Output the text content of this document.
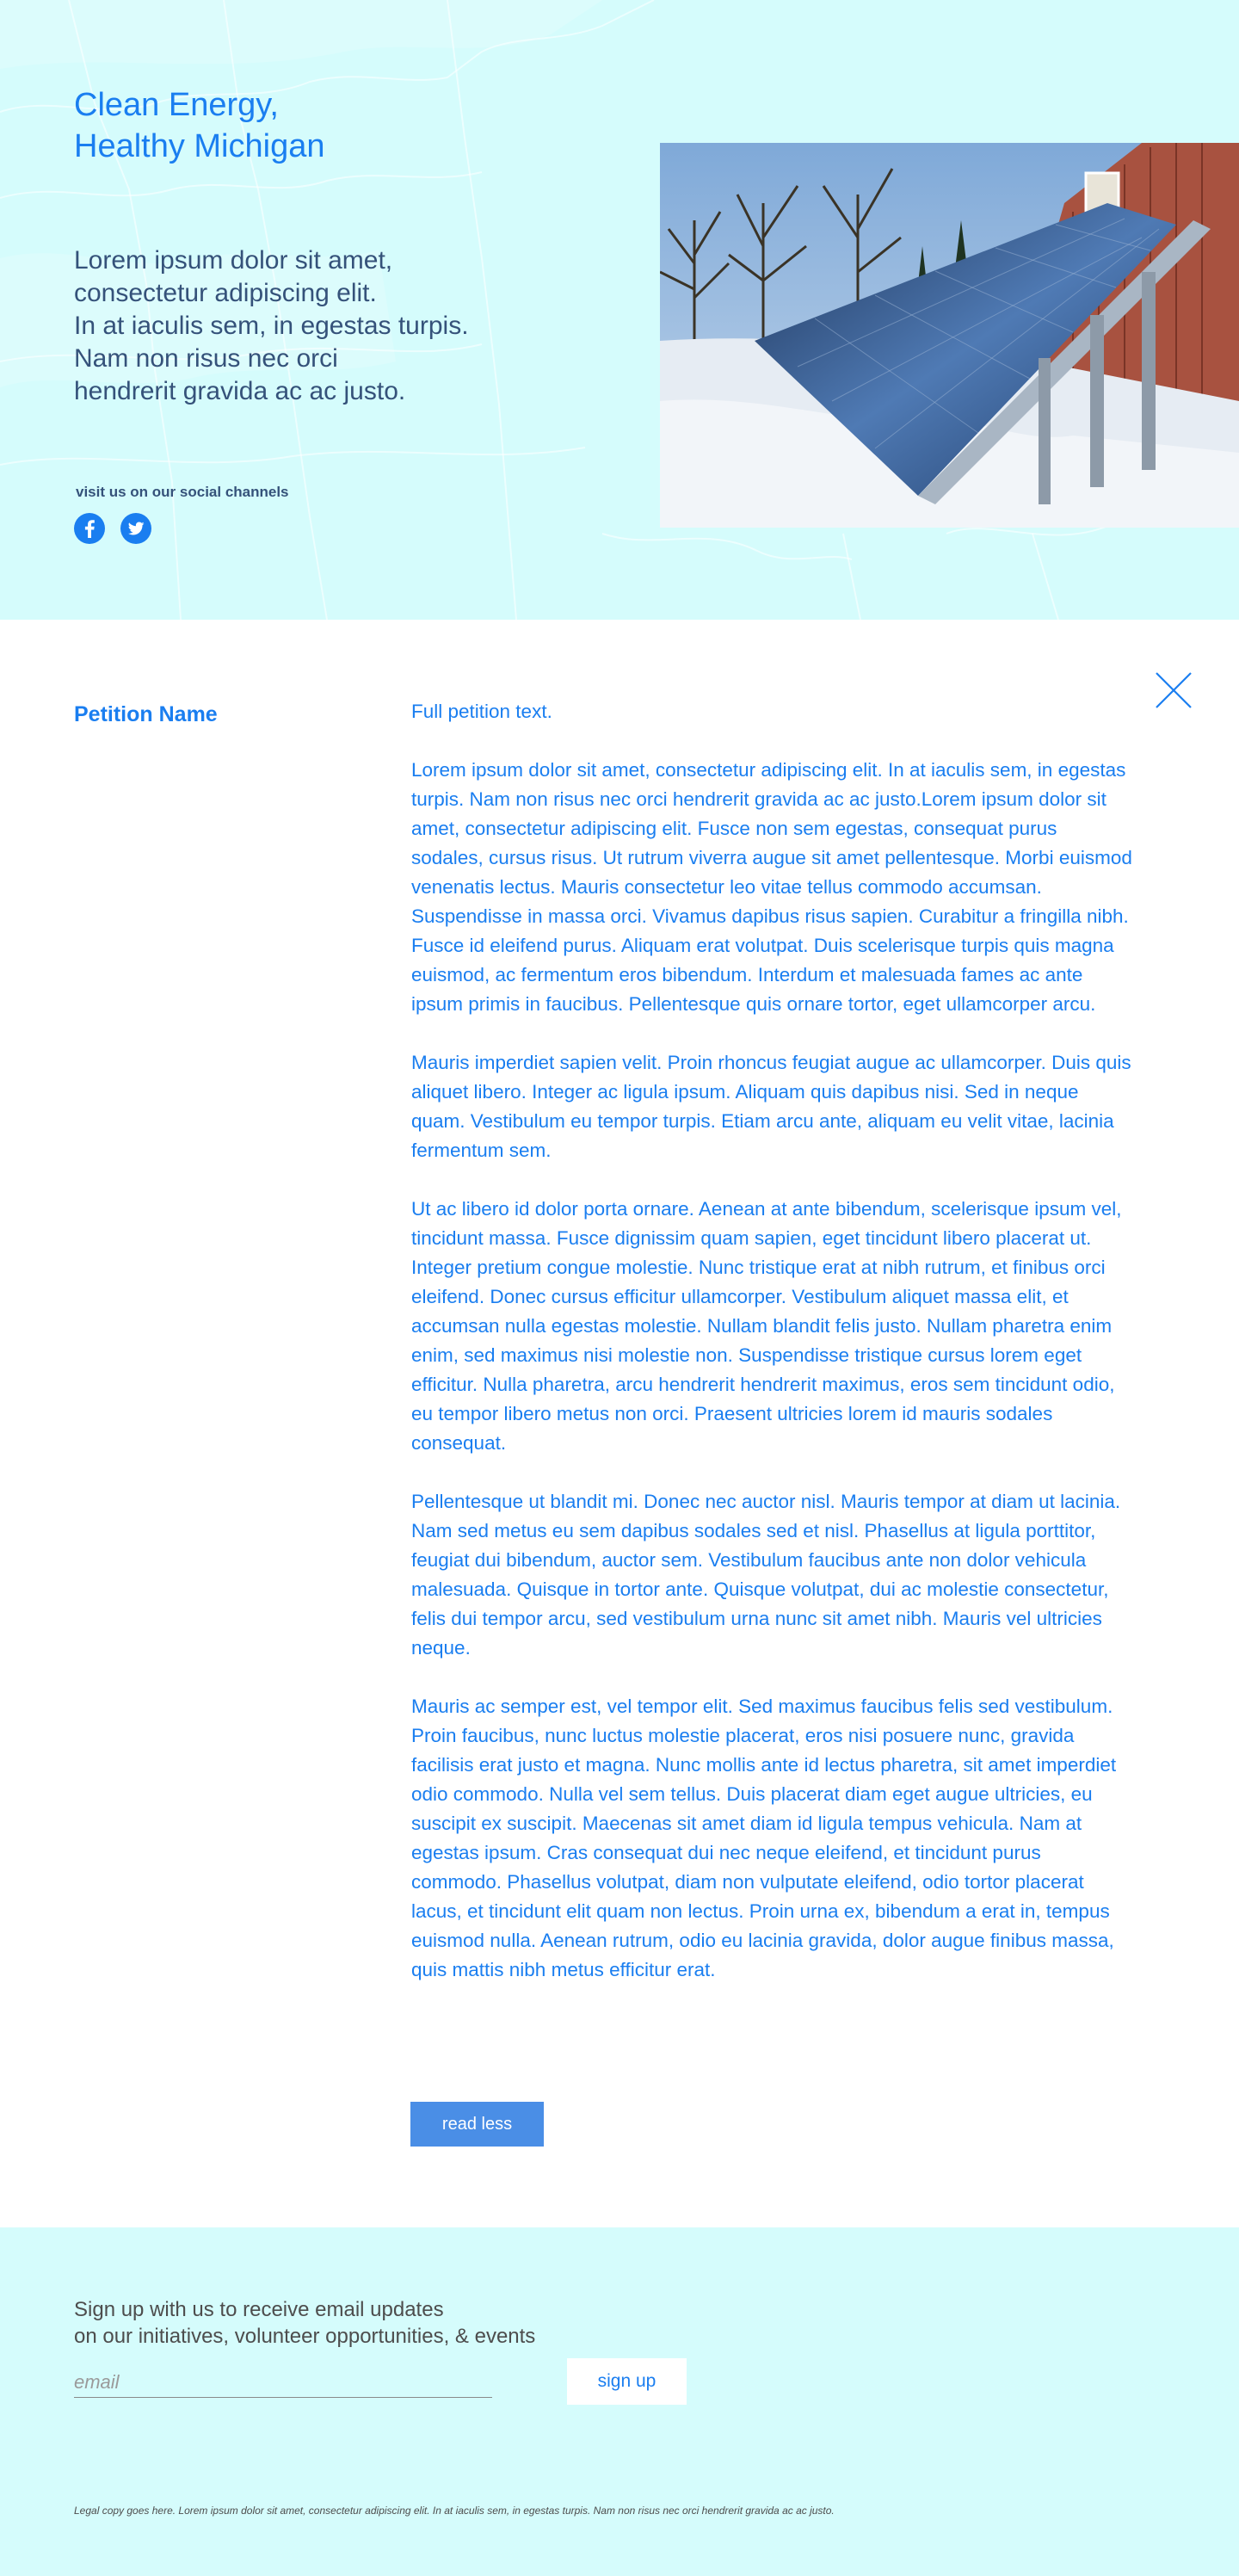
Clean Energy,
Healthy Michigan
Lorem ipsum dolor sit amet,
consectetur adipiscing elit.
In at iaculis sem, in egestas turpis.
Nam non risus nec orci
hendrerit gravida ac ac justo.
visit us on our social channels
Petition Name	Full petition text.

Lorem ipsum dolor sit amet, consectetur adipiscing elit. In at iaculis sem, in egestas turpis. Nam non risus nec orci hendrerit gravida ac ac justo.Lorem ipsum dolor sit amet, consectetur adipiscing elit. Fusce non sem egestas, consequat purus sodales, cursus risus. Ut rutrum viverra augue sit amet pellentesque. Morbi euismod venenatis lectus. Mauris consectetur leo vitae tellus commodo accumsan. Suspendisse in massa orci. Vivamus dapibus risus sapien. Curabitur a fringilla nibh. Fusce id eleifend purus. Aliquam erat volutpat. Duis scelerisque turpis quis magna euismod, ac fermentum eros bibendum. Interdum et malesuada fames ac ante ipsum primis in faucibus. Pellentesque quis ornare tortor, eget ullamcorper arcu.

Mauris imperdiet sapien velit. Proin rhoncus feugiat augue ac ullamcorper. Duis quis aliquet libero. Integer ac ligula ipsum. Aliquam quis dapibus nisi. Sed in neque quam. Vestibulum eu tempor turpis. Etiam arcu ante, aliquam eu velit vitae, lacinia fermentum sem.

Ut ac libero id dolor porta ornare. Aenean at ante bibendum, scelerisque ipsum vel, tincidunt massa. Fusce dignissim quam sapien, eget tincidunt libero placerat ut. Integer pretium congue molestie. Nunc tristique erat at nibh rutrum, et finibus orci eleifend. Donec cursus efficitur ullamcorper. Vestibulum aliquet massa elit, et accumsan nulla egestas molestie. Nullam blandit felis justo. Nullam pharetra enim enim, sed maximus nisi molestie non. Suspendisse tristique cursus lorem eget efficitur. Nulla pharetra, arcu hendrerit hendrerit maximus, eros sem tincidunt odio, eu tempor libero metus non orci. Praesent ultricies lorem id mauris sodales consequat.

Pellentesque ut blandit mi. Donec nec auctor nisl. Mauris tempor at diam ut lacinia. Nam sed metus eu sem dapibus sodales sed et nisl. Phasellus at ligula porttitor, feugiat dui bibendum, auctor sem. Vestibulum faucibus ante non dolor vehicula malesuada. Quisque in tortor ante. Quisque volutpat, dui ac molestie consectetur, felis dui tempor arcu, sed vestibulum urna nunc sit amet nibh. Mauris vel ultricies neque.

Mauris ac semper est, vel tempor elit. Sed maximus faucibus felis sed vestibulum. Proin faucibus, nunc luctus molestie placerat, eros nisi posuere nunc, gravida facilisis erat justo et magna. Nunc mollis ante id lectus pharetra, sit amet imperdiet odio commodo. Nulla vel sem tellus. Duis placerat diam eget augue ultricies, eu suscipit ex suscipit. Maecenas sit amet diam id ligula tempus vehicula. Nam at egestas ipsum. Cras consequat dui nec neque eleifend, et tincidunt purus commodo. Phasellus volutpat, diam non vulputate eleifend, odio tortor placerat lacus, et tincidunt elit quam non lectus. Proin urna ex, bibendum a erat in, tempus euismod nulla. Aenean rutrum, odio eu lacinia gravida, dolor augue finibus massa, quis mattis nibh metus efficitur erat.

read less
Sign up with us to receive email updates
on our initiatives, volunteer opportunities, & events
email
sign up
Legal copy goes here. Lorem ipsum dolor sit amet, consectetur adipiscing elit. In at iaculis sem, in egestas turpis. Nam non risus nec orci hendrerit gravida ac ac justo.
